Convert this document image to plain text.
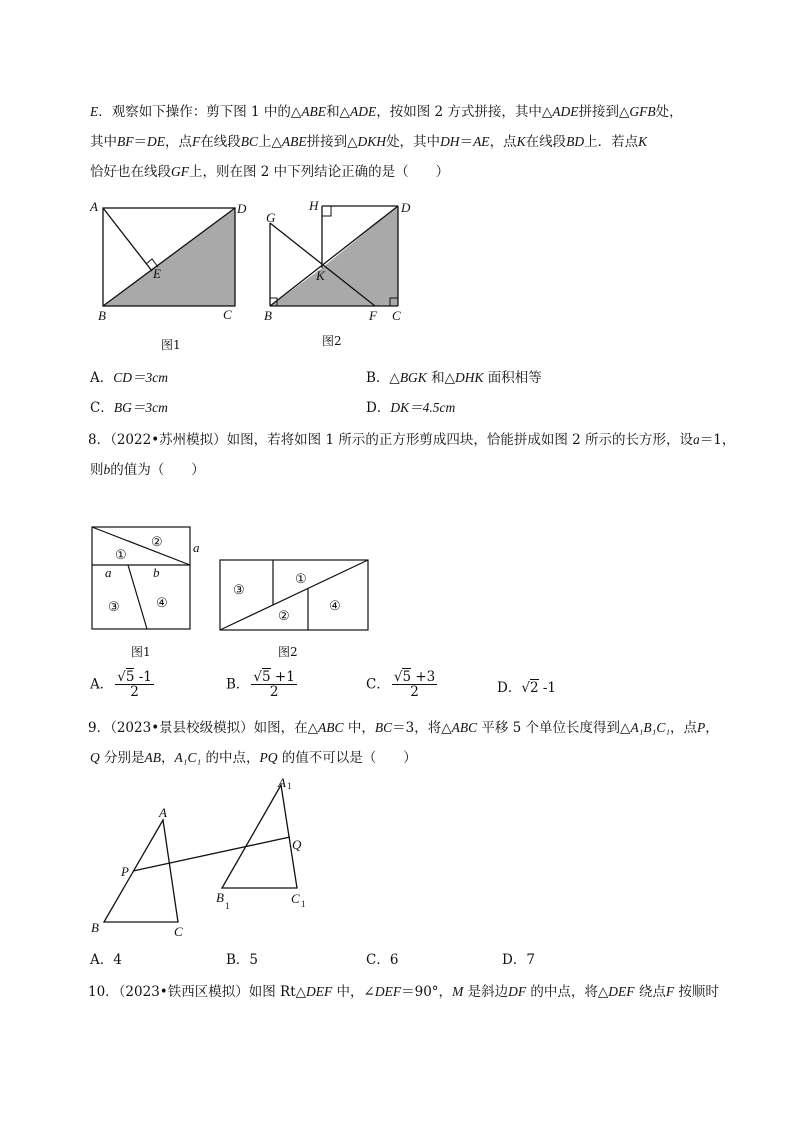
E．观察如下操作：剪下图 1 中的△ABE和△ADE，按如图 2 方式拼接，其中△ADE拼接到△GFB处，
其中BF＝DE，点F在线段BC上△ABE拼接到△DKH处，其中DH＝AE，点K在线段BD上．若点K
恰好也在线段GF上，则在图 2 中下列结论正确的是（　　）
A	D
E
B	C
图1
G
H	D
K
B	F C
图2
A．CD＝3cm	B．△BGK 和△DHK 面积相等
C．BG＝3cm	D．DK＝4.5cm
8．（2022•苏州模拟）如图，若将如图 1 所示的正方形剪成四块，恰能拼成如图 2 所示的长方形，设a＝1，
则b的值为（　　）
①
②
③	④
a
a	b
图1
③
①
②
④
图2
A． $\frac{√5 -1}{2}$	B． $\frac{√5 +1}{2}$	C． $\frac{√5 +3}{2}$	D．√2 -1
9．（2023•景县校级模拟）如图，在△ABC 中，BC＝3，将△ABC 平移 5 个单位长度得到△A₁B₁C₁，点P，
Q 分别是AB，A₁C₁ 的中点，PQ 的值不可以是（　　）
A
P
B	C
A 1
Q
B
1	C 1
A．4	B．5	C．6	D．7
10．（2023•铁西区模拟）如图 Rt△DEF 中，∠DEF＝90°，M 是斜边DF 的中点，将△DEF 绕点F 按顺时
